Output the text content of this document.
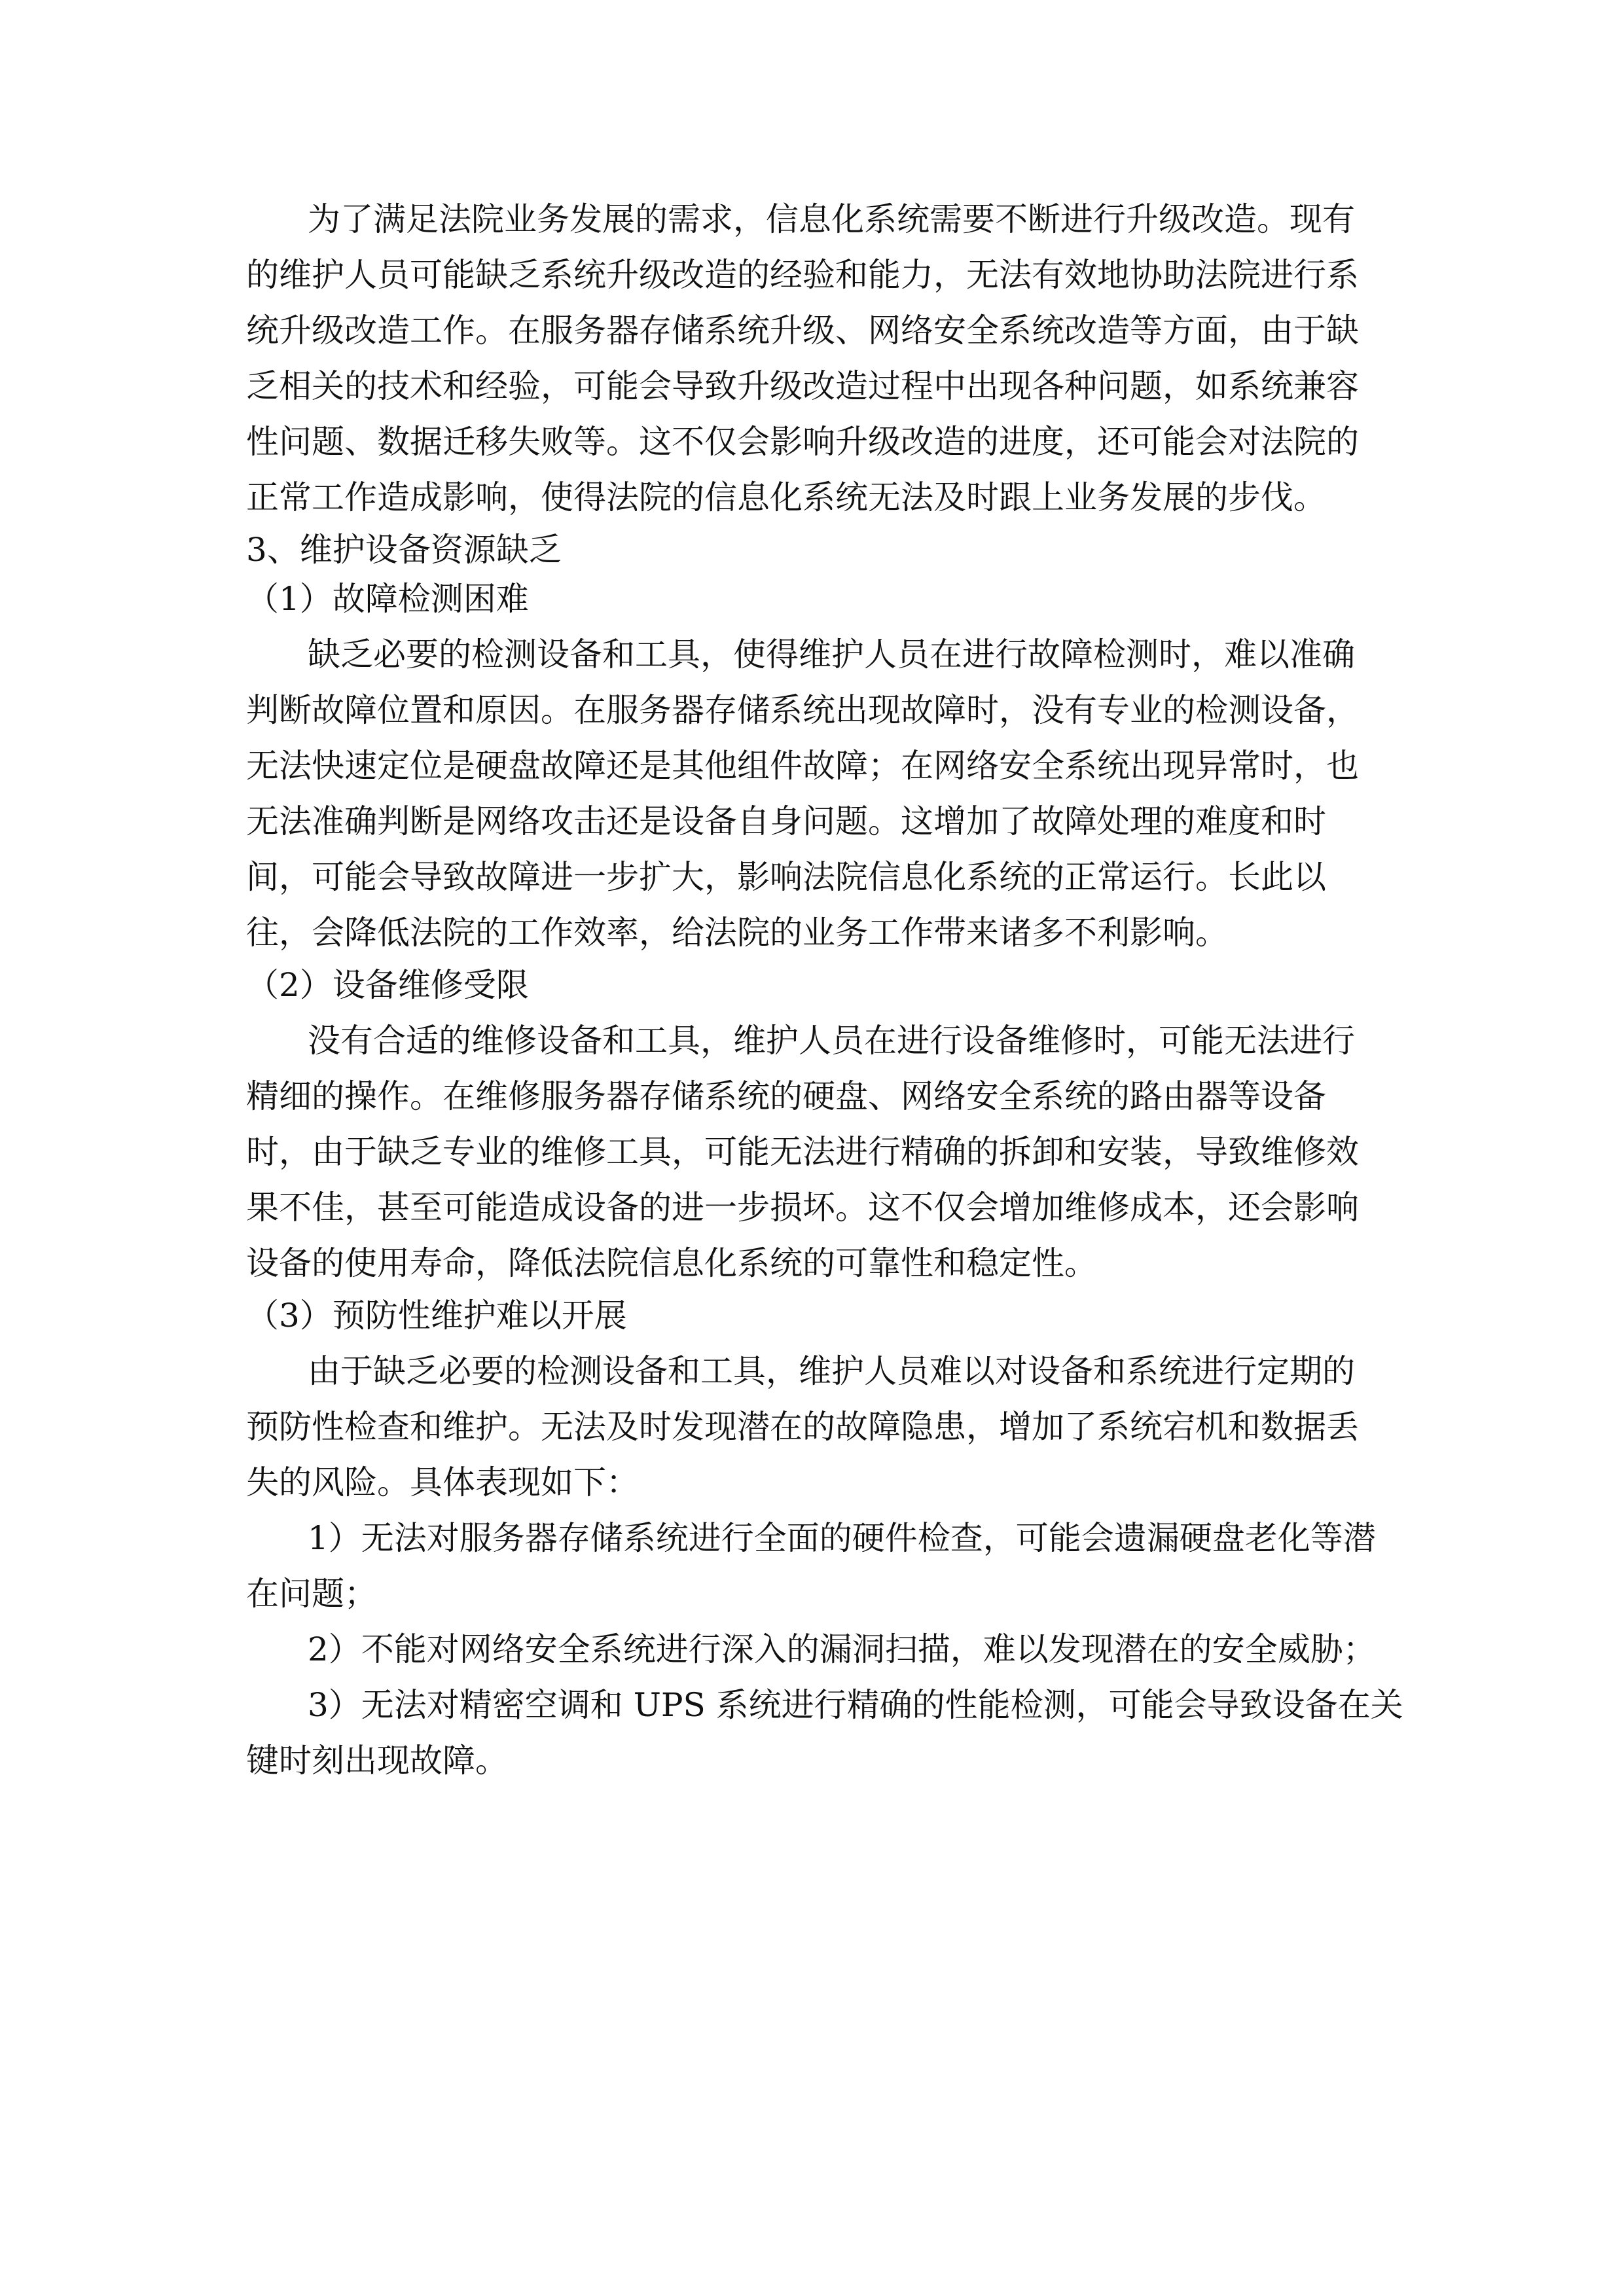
为了满足法院业务发展的需求，信息化系统需要不断进行升级改造。现有
的维护人员可能缺乏系统升级改造的经验和能力，无法有效地协助法院进行系
统升级改造工作。在服务器存储系统升级、网络安全系统改造等方面，由于缺
乏相关的技术和经验，可能会导致升级改造过程中出现各种问题，如系统兼容
性问题、数据迁移失败等。这不仅会影响升级改造的进度，还可能会对法院的
正常工作造成影响，使得法院的信息化系统无法及时跟上业务发展的步伐。
3、维护设备资源缺乏
（1）故障检测困难
缺乏必要的检测设备和工具，使得维护人员在进行故障检测时，难以准确
判断故障位置和原因。在服务器存储系统出现故障时，没有专业的检测设备，
无法快速定位是硬盘故障还是其他组件故障；在网络安全系统出现异常时，也
无法准确判断是网络攻击还是设备自身问题。这增加了故障处理的难度和时
间，可能会导致故障进一步扩大，影响法院信息化系统的正常运行。长此以
往，会降低法院的工作效率，给法院的业务工作带来诸多不利影响。
（2）设备维修受限
没有合适的维修设备和工具，维护人员在进行设备维修时，可能无法进行
精细的操作。在维修服务器存储系统的硬盘、网络安全系统的路由器等设备
时，由于缺乏专业的维修工具，可能无法进行精确的拆卸和安装，导致维修效
果不佳，甚至可能造成设备的进一步损坏。这不仅会增加维修成本，还会影响
设备的使用寿命，降低法院信息化系统的可靠性和稳定性。
（3）预防性维护难以开展
由于缺乏必要的检测设备和工具，维护人员难以对设备和系统进行定期的
预防性检查和维护。无法及时发现潜在的故障隐患，增加了系统宕机和数据丢
失的风险。具体表现如下：
1）无法对服务器存储系统进行全面的硬件检查，可能会遗漏硬盘老化等潜
在问题；
2）不能对网络安全系统进行深入的漏洞扫描，难以发现潜在的安全威胁；
3）无法对精密空调和 UPS 系统进行精确的性能检测，可能会导致设备在关
键时刻出现故障。
